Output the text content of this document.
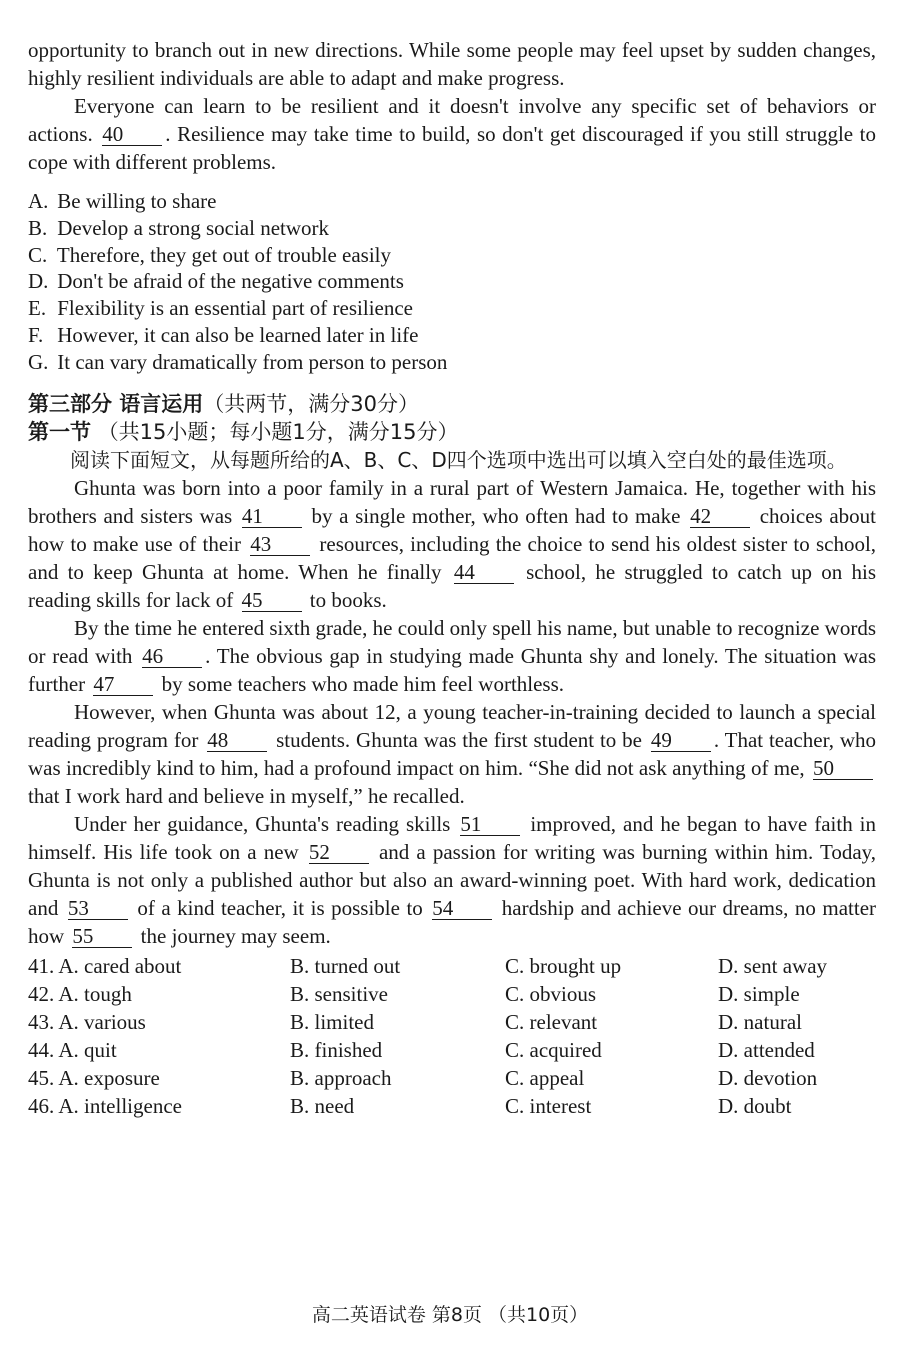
opportunity to branch out in new directions. While some people may feel upset by sudden changes, highly resilient individuals are able to adapt and make progress.

Everyone can learn to be resilient and it doesn't involve any specific set of behaviors or actions. 40 . Resilience may take time to build, so don't get discouraged if you still struggle to cope with different problems.

A. Be willing to share
B. Develop a strong social network
C. Therefore, they get out of trouble easily
D. Don't be afraid of the negative comments
E. Flexibility is an essential part of resilience
F. However, it can also be learned later in life
G. It can vary dramatically from person to person
第三部分 语言运用（共两节，满分30分）
第一节 （共15小题；每小题1分，满分15分）

阅读下面短文，从每题所给的A、B、C、D四个选项中选出可以填入空白处的最佳选项。

Ghunta was born into a poor family in a rural part of Western Jamaica. He, together with his brothers and sisters was 41 by a single mother, who often had to make 42 choices about how to make use of their 43 resources, including the choice to send his oldest sister to school, and to keep Ghunta at home. When he finally 44 school, he struggled to catch up on his reading skills for lack of 45 to books.

By the time he entered sixth grade, he could only spell his name, but unable to recognize words or read with 46 . The obvious gap in studying made Ghunta shy and lonely. The situation was further 47 by some teachers who made him feel worthless.

However, when Ghunta was about 12, a young teacher-in-training decided to launch a special reading program for 48 students. Ghunta was the first student to be 49 . That teacher, who was incredibly kind to him, had a profound impact on him. “She did not ask anything of me, 50 that I work hard and believe in myself,” he recalled.

Under her guidance, Ghunta's reading skills 51 improved, and he began to have faith in himself. His life took on a new 52 and a passion for writing was burning within him. Today, Ghunta is not only a published author but also an award-winning poet. With hard work, dedication and 53 of a kind teacher, it is possible to 54 hardship and achieve our dreams, no matter how 55 the journey may seem.

41. A. cared about	B. turned out	C. brought up	D. sent away
42. A. tough	B. sensitive	C. obvious	D. simple
43. A. various	B. limited	C. relevant	D. natural
44. A. quit	B. finished	C. acquired	D. attended
45. A. exposure	B. approach	C. appeal	D. devotion
46. A. intelligence	B. need	C. interest	D. doubt
高二英语试卷 第8页 （共10页）
